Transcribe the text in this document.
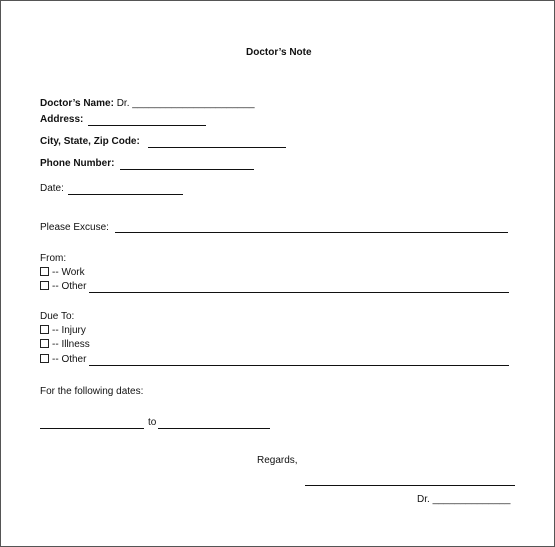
Doctor’s Note
Doctor’s Name: Dr. ______________________
Address:
City, State, Zip Code:
Phone Number:
Date:
Please Excuse:
From:
-- Work
-- Other
Due To:
-- Injury
-- Illness
-- Other
For the following dates:
to
Regards,
Dr. ______________
